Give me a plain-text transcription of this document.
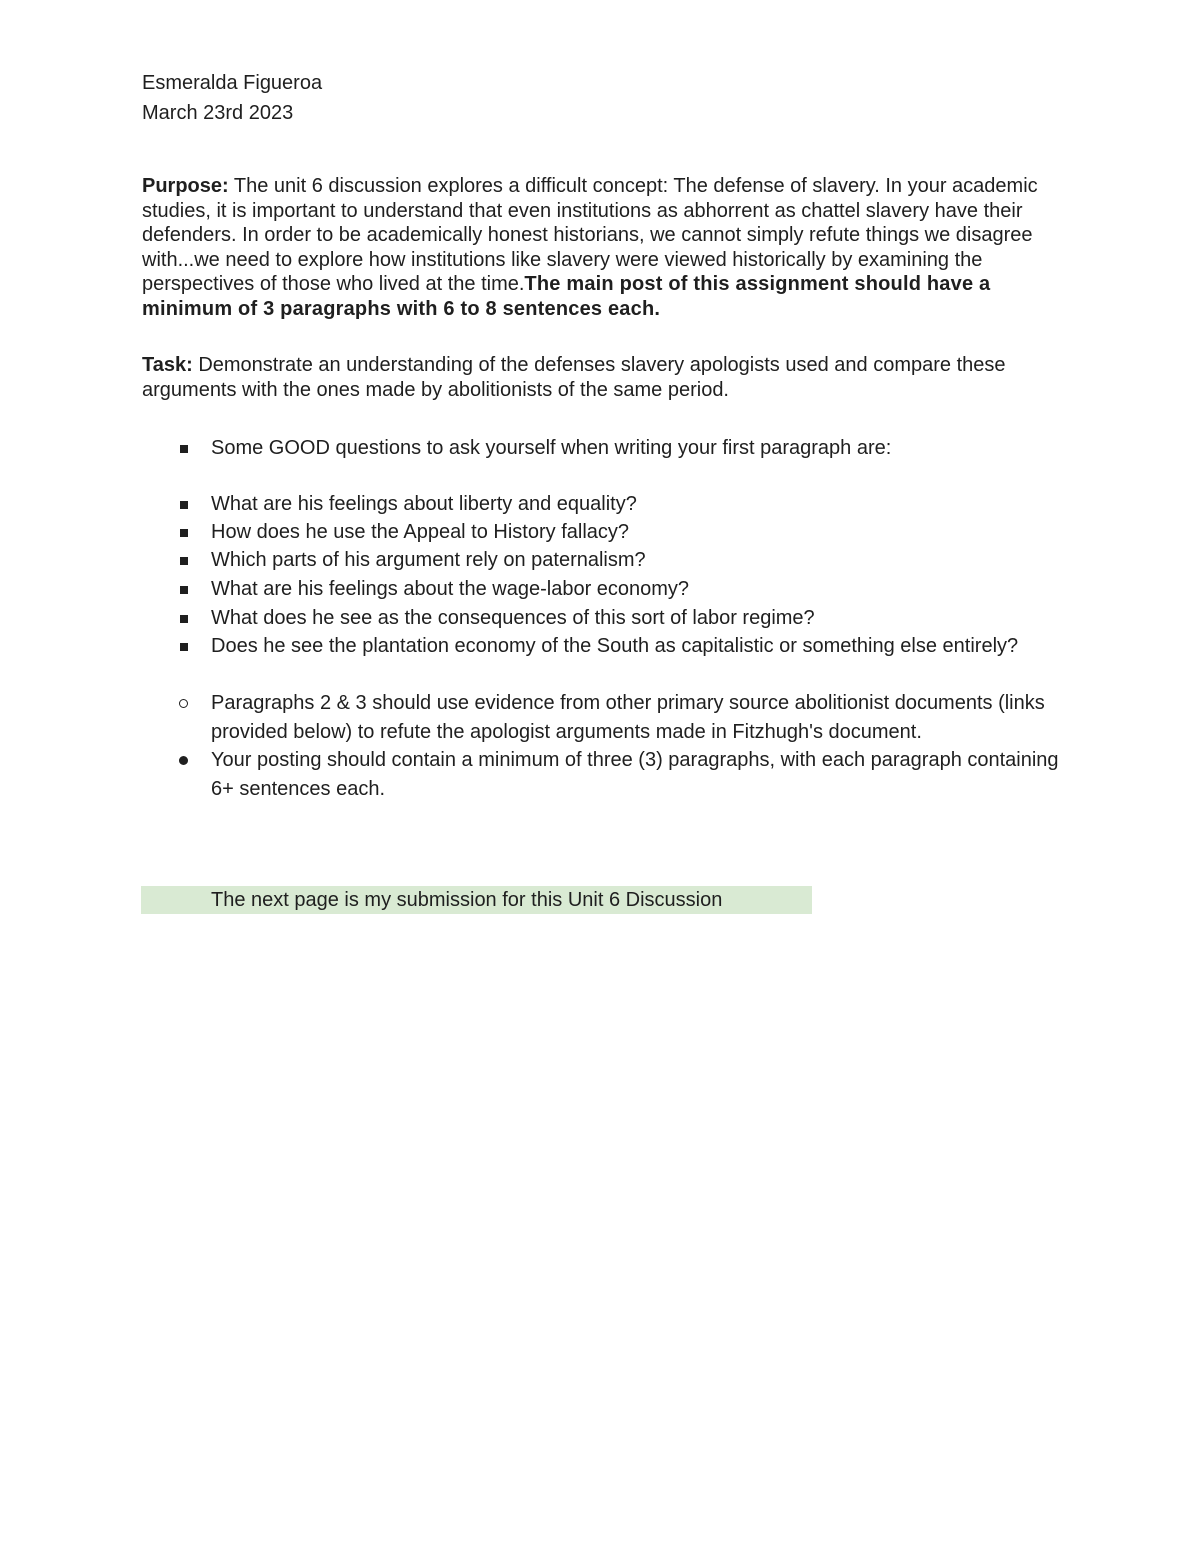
Esmeralda Figueroa
March 23rd 2023
Purpose: The unit 6 discussion explores a difficult concept: The defense of slavery. In your academic studies, it is important to understand that even institutions as abhorrent as chattel slavery have their defenders. In order to be academically honest historians, we cannot simply refute things we disagree with...we need to explore how institutions like slavery were viewed historically by examining the perspectives of those who lived at the time.The main post of this assignment should have a minimum of 3 paragraphs with 6 to 8 sentences each.
Task: Demonstrate an understanding of the defenses slavery apologists used and compare these arguments with the ones made by abolitionists of the same period.
Some GOOD questions to ask yourself when writing your first paragraph are:
What are his feelings about liberty and equality?
How does he use the Appeal to History fallacy?
Which parts of his argument rely on paternalism?
What are his feelings about the wage-labor economy?
What does he see as the consequences of this sort of labor regime?
Does he see the plantation economy of the South as capitalistic or something else entirely?
Paragraphs 2 & 3 should use evidence from other primary source abolitionist documents (links provided below) to refute the apologist arguments made in Fitzhugh's document.
Your posting should contain a minimum of three (3) paragraphs, with each paragraph containing 6+ sentences each.
The next page is my submission for this Unit 6 Discussion
